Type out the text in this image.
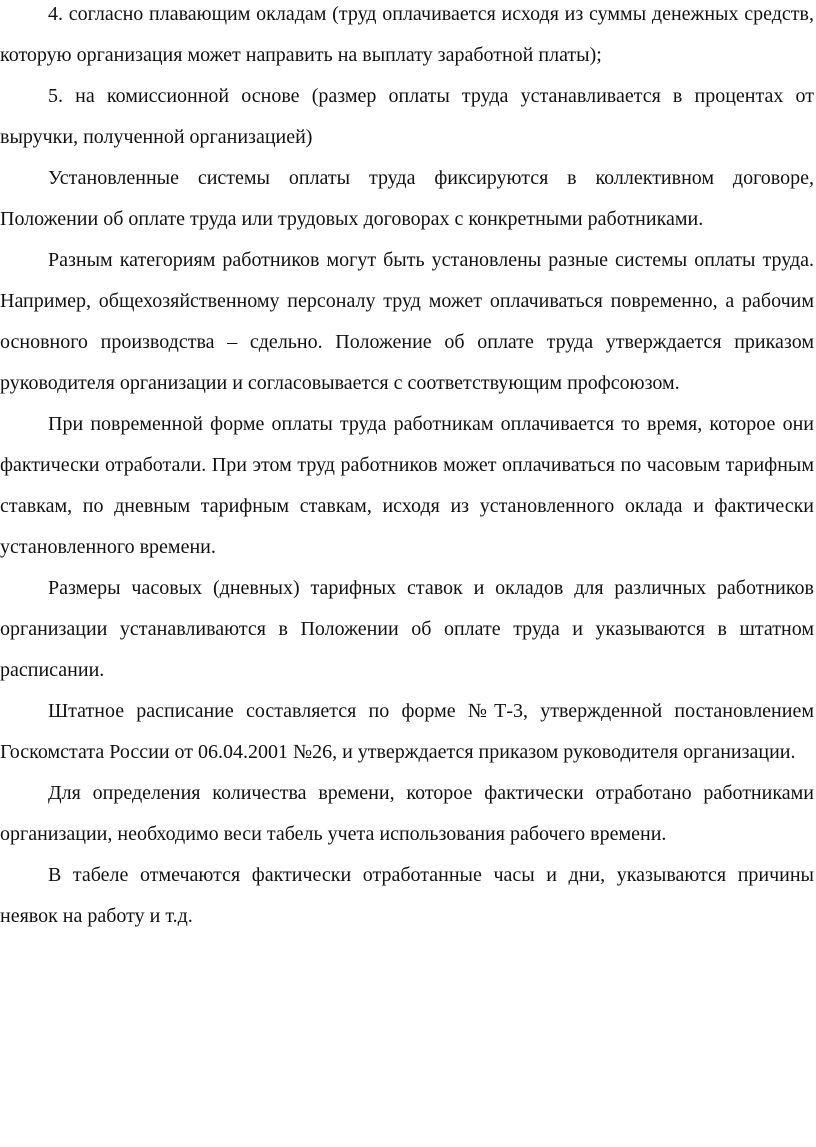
4. согласно плавающим окладам (труд оплачивается исходя из суммы денежных средств, которую организация может направить на выплату заработной платы);

5. на комиссионной основе (размер оплаты труда устанавливается в процентах от выручки, полученной организацией)

Установленные системы оплаты труда фиксируются в коллективном договоре, Положении об оплате труда или трудовых договорах с конкретными работниками.

Разным категориям работников могут быть установлены разные системы оплаты труда. Например, общехозяйственному персоналу труд может оплачиваться повременно, а рабочим основного производства – сдельно. Положение об оплате труда утверждается приказом руководителя организации и согласовывается с соответствующим профсоюзом.

При повременной форме оплаты труда работникам оплачивается то время, которое они фактически отработали. При этом труд работников может оплачиваться по часовым тарифным ставкам, по дневным тарифным ставкам, исходя из установленного оклада и фактически установленного времени.

Размеры часовых (дневных) тарифных ставок и окладов для различных работников организации устанавливаются в Положении об оплате труда и указываются в штатном расписании.

Штатное расписание составляется по форме №Т-3, утвержденной постановлением Госкомстата России от 06.04.2001 №26, и утверждается приказом руководителя организации.

Для определения количества времени, которое фактически отработано работниками организации, необходимо веси табель учета использования рабочего времени.

В табеле отмечаются фактически отработанные часы и дни, указываются причины неявок на работу и т.д.
